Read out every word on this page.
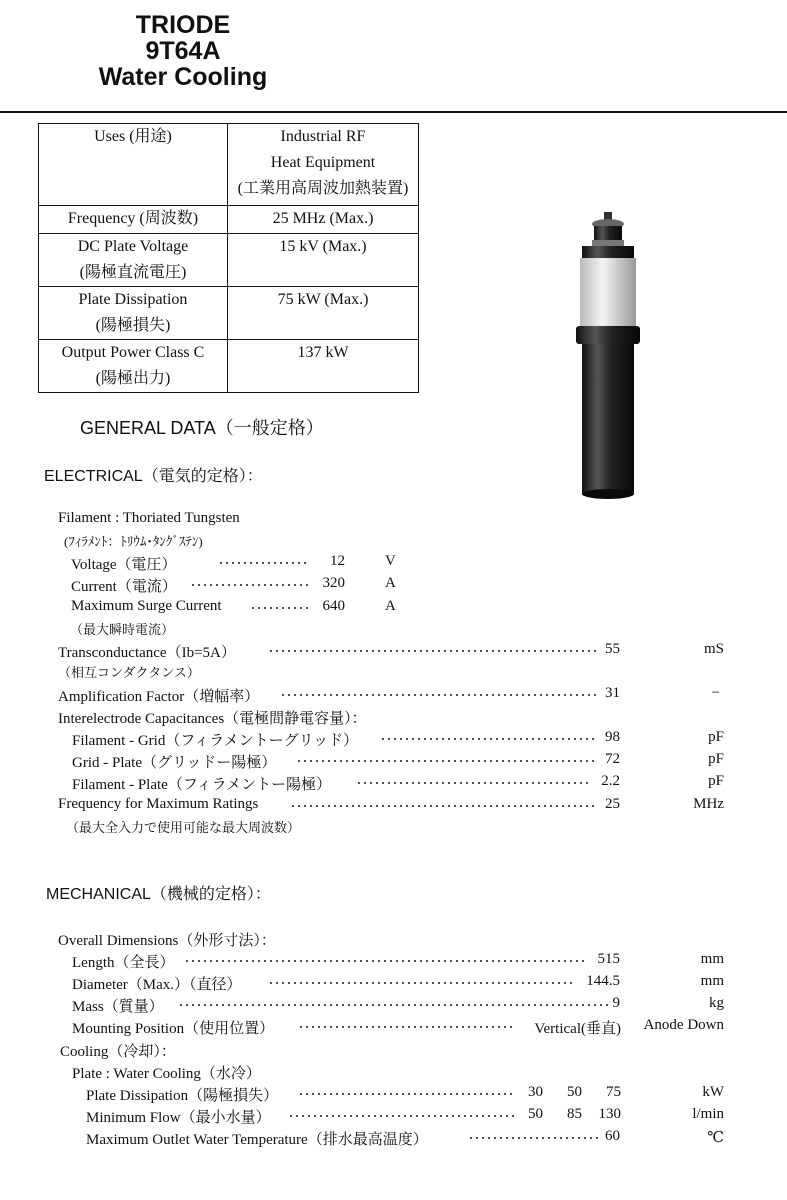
TRIODE
9T64A
Water Cooling
Uses (用途)	Industrial RF
Heat Equipment
(工業用高周波加熱装置)

Frequency (周波数)	25 MHz (Max.)

DC Plate Voltage
(陽極直流電圧)	15 kV (Max.)

Plate Dissipation
(陽極損失)	75 kW (Max.)

Output Power Class C
(陽極出力)	137 kW
GENERAL DATA（一般定格）
ELECTRICAL（電気的定格）：
Filament : Thoriated Tungsten
(ﾌｨﾗﾒﾝﾄ：ﾄﾘｳﾑ･ﾀﾝｸﾞｽﾃﾝ)
Voltage（電圧）	12	V
Current（電流）	320	A
Maximum Surge Current	640	A
（最大瞬時電流）
Transconductance（Ib=5A）	55	mS
（相互コンダクタンス）
Amplification Factor（増幅率）	31	−
Interelectrode Capacitances（電極間静電容量）：
Filament - Grid（フィラメントーグリッド）	98	pF
Grid - Plate（グリッドー陽極）	72	pF
Filament - Plate（フィラメントー陽極）	2.2	pF
Frequency for Maximum Ratings	25	MHz
（最大全入力で使用可能な最大周波数）
MECHANICAL（機械的定格）：
Overall Dimensions（外形寸法）：
Length（全長）	515	mm
Diameter（Max.）（直径）	144.5	mm
Mass（質量）	9	kg
Mounting Position（使用位置）	Vertical(垂直)	Anode Down
Cooling（冷却）：
Plate : Water Cooling（水冷）
Plate Dissipation（陽極損失）	30	50	75	kW
Minimum Flow（最小水量）	50	85	130	l/min
Maximum Outlet Water Temperature（排水最高温度）	60	℃
